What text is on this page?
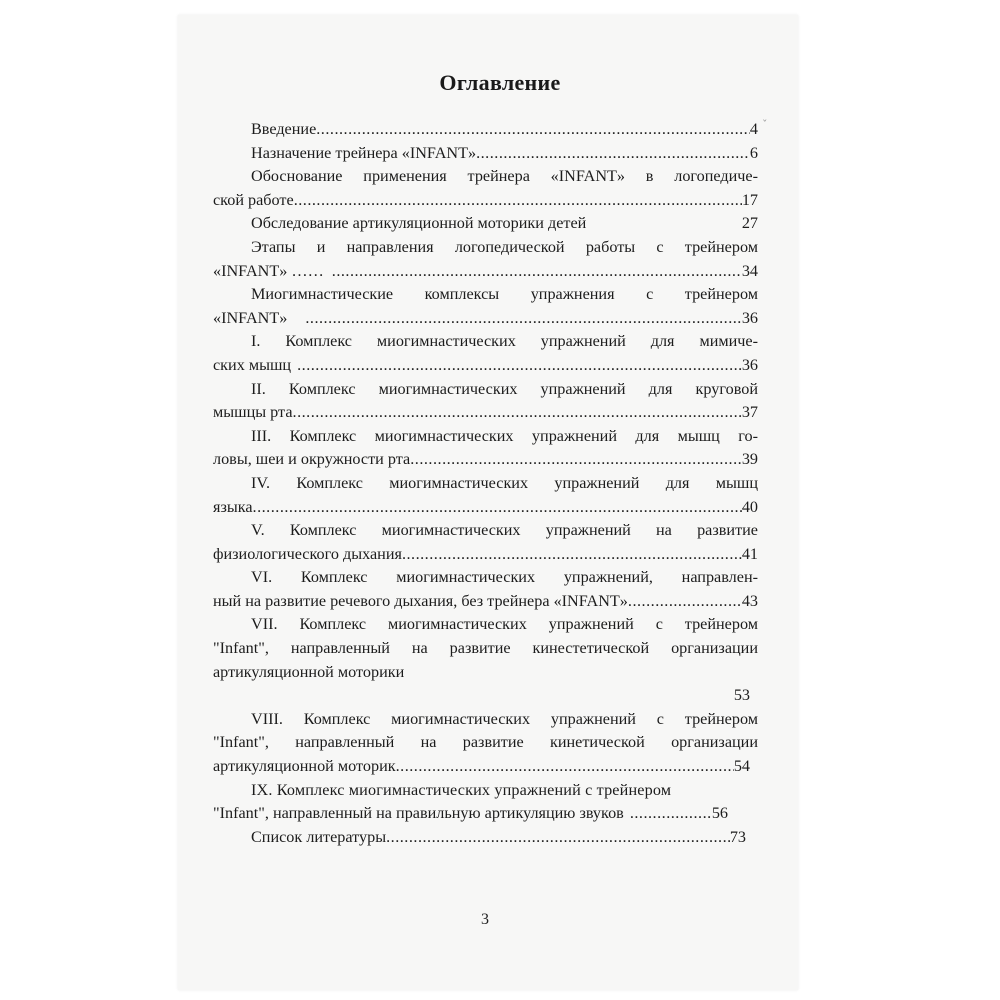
ˇ
Оглавление
Введение .....	4
Назначение трейнера «INFANT» .....	6
Обоснование применения трейнера «INFANT» в логопедиче-
ской работе .....	17
Обследование артикуляционной моторики детей	27
Этапы и направления логопедической работы с трейнером
«INFANT» …… .....	34
Миогимнастические комплексы упражнения с трейнером
«INFANT» .....	36
I. Комплекс миогимнастических упражнений для мимиче-
ских мышц .....	36
II. Комплекс миогимнастических упражнений для круговой
мышцы рта .....	37
III. Комплекс миогимнастических упражнений для мышц го-
ловы, шеи и окружности рта .....	39
IV. Комплекс миогимнастических упражнений для мышц
языка .....	40
V. Комплекс миогимнастических упражнений на развитие
физиологического дыхания .....	41
VI. Комплекс миогимнастических упражнений, направлен-
ный на развитие речевого дыхания, без трейнера «INFANT» .....	43
VII. Комплекс миогимнастических упражнений с трейнером
"Infant", направленный на развитие кинестетической организации
артикуляционной моторики
53
VIII. Комплекс миогимнастических упражнений с трейнером
"Infant", направленный на развитие кинетической организации
артикуляционной моторик .....	54
IX. Комплекс миогимнастических упражнений с трейнером
"Infant", направленный на правильную артикуляцию звуков .....	56
Список литературы .....	73
3
